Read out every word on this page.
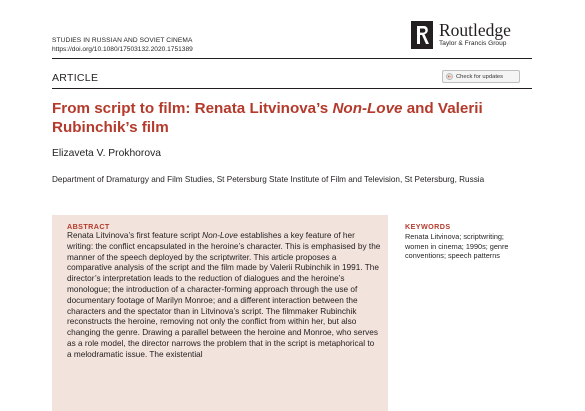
STUDIES IN RUSSIAN AND SOVIET CINEMA
https://doi.org/10.1080/17503132.2020.1751389
Routledge
Taylor & Francis Group
ARTICLE	Check for updates
From script to film: Renata Litvinova’s Non-Love and Valerii Rubinchik’s film
Elizaveta V. Prokhorova
Department of Dramaturgy and Film Studies, St Petersburg State Institute of Film and Television, St Petersburg, Russia
ABSTRACT
Renata Litvinova’s first feature script Non-Love establishes a key feature of her writing: the conflict encapsulated in the heroine’s character. This is emphasised by the manner of the speech deployed by the scriptwriter. This article proposes a comparative analysis of the script and the film made by Valerii Rubinchik in 1991. The director’s interpretation leads to the reduction of dialogues and the heroine’s monologue; the introduction of a character-forming approach through the use of documentary footage of Marilyn Monroe; and a different interaction between the characters and the spectator than in Litvinova’s script. The filmmaker Rubinchik reconstructs the heroine, removing not only the conflict from within her, but also changing the genre. Drawing a parallel between the heroine and Monroe, who serves as a role model, the director narrows the problem that in the script is metaphorical to a melodramatic issue. The existential
KEYWORDS
Renata Litvinova; scriptwriting; women in cinema; 1990s; genre conventions; speech patterns
